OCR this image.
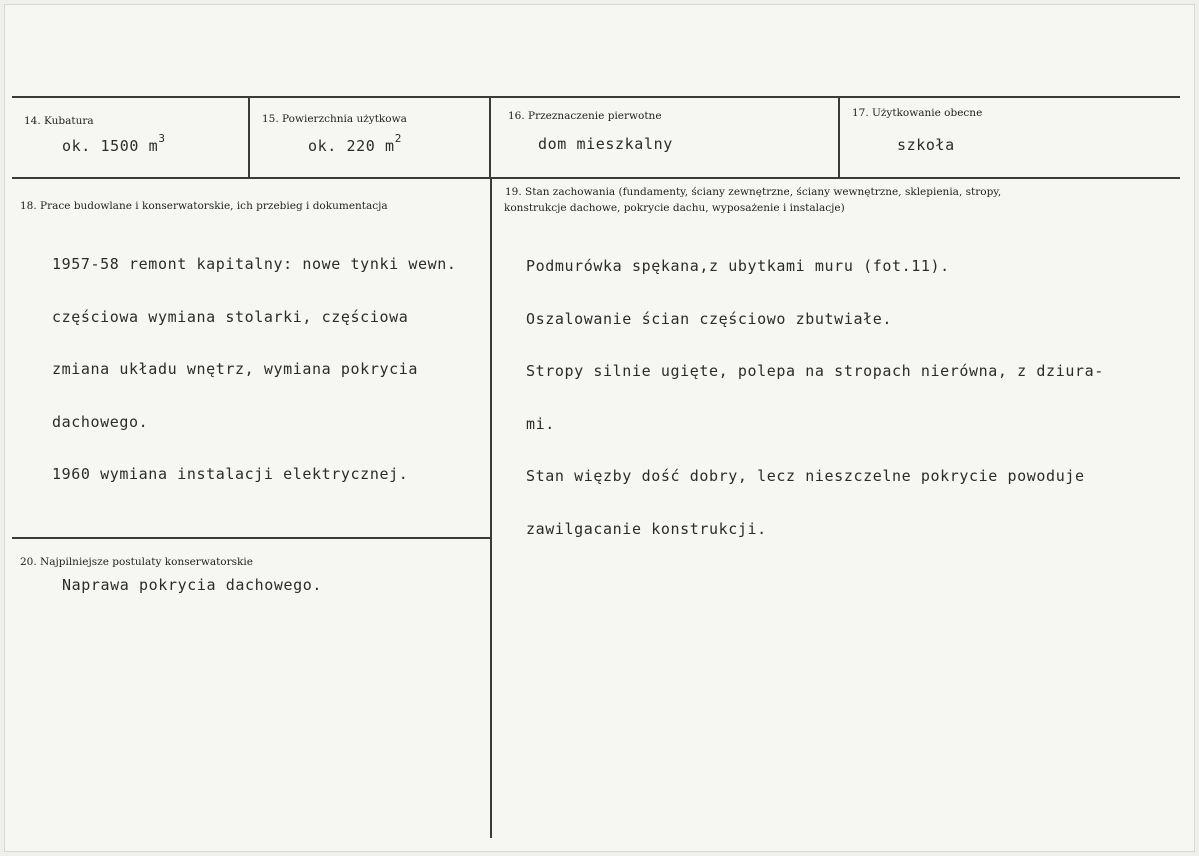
14. Kubatura
ok. 1500 $m^3$
15. Powierzchnia użytkowa
ok. 220 $m^2$
16. Przeznaczenie pierwotne
dom mieszkalny
17. Użytkowanie obecne
szkoła
18. Prace budowlane i konserwatorskie, ich przebieg i dokumentacja

1957-58 remont kapitalny: nowe tynki wewn.

częściowa wymiana stolarki, częściowa

zmiana układu wnętrz, wymiana pokrycia

dachowego.

1960 wymiana instalacji elektrycznej.

19. Stan zachowania (fundamenty, ściany zewnętrzne, ściany wewnętrzne, sklepienia, stropy,
konstrukcje dachowe, pokrycie dachu, wyposażenie i instalacje)

Podmurówka spękana,z ubytkami muru (fot.11).

Oszalowanie ścian częściowo zbutwiałe.

Stropy silnie ugięte, polepa na stropach nierówna, z dziura-

mi.

Stan więzby dość dobry, lecz nieszczelne pokrycie powoduje

zawilgacanie konstrukcji.

20. Najpilniejsze postulaty konserwatorskie
Naprawa pokrycia dachowego.
